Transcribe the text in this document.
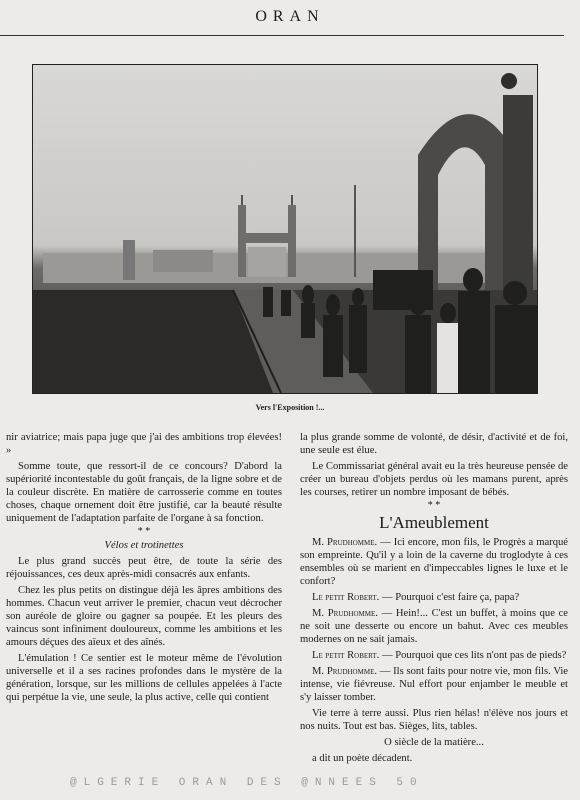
ORAN
Vers l'Exposition !...

nir aviatrice; mais papa juge que j'ai des ambitions trop élevées! »

Somme toute, que ressort-il de ce concours? D'abord la supériorité incontestable du goût français, de la ligne sobre et de la couleur discrète. En matière de carrosserie comme en toutes choses, chaque ornement doit être justifié, car la beauté résulte uniquement de l'adaptation parfaite de l'organe à sa fonction.

* *

Vélos et trotinettes

Le plus grand succès peut être, de toute la série des réjouissances, ces deux après-midi consacrés aux enfants.

Chez les plus petits on distingue déjà les âpres ambitions des hommes. Chacun veut arriver le premier, chacun veut décrocher son auréole de gloire ou gagner sa poupée. Et les pleurs des vaincus sont infiniment douloureux, comme les ambitions et les amours déçues des aïeux et des aînés.

L'émulation ! Ce sentier est le moteur même de l'évolution universelle et il a ses racines profondes dans le mystère de la génération, lorsque, sur les millions de cellules appelées à l'acte qui perpétue la vie, une seule, la plus active, celle qui contient

la plus grande somme de volonté, de désir, d'activité et de foi, une seule est élue.

Le Commissariat général avait eu la très heureuse pensée de créer un bureau d'objets perdus où les mamans purent, après les courses, retirer un nombre imposant de bébés.

* *

L'Ameublement

M. Prudhomme. — Ici encore, mon fils, le Progrès a marqué son empreinte. Qu'il y a loin de la caverne du troglodyte à ces ensembles où se marient en d'impeccables lignes le luxe et le confort?

Le petit Robert. — Pourquoi c'est faire ça, papa?

M. Prudhomme. — Hein!... C'est un buffet, à moins que ce ne soit une desserte ou encore un bahut. Avec ces meubles modernes on ne sait jamais.

Le petit Robert. — Pourquoi que ces lits n'ont pas de pieds?

M. Prudhomme. — Ils sont faits pour notre vie, mon fils. Vie intense, vie fiévreuse. Nul effort pour enjamber le meuble et s'y laisser tomber.

Vie terre à terre aussi. Plus rien hélas! n'élève nos jours et nos nuits. Tout est bas. Sièges, lits, tables.

O siècle de la matière...

a dit un poète décadent.

@LGERIE ORAN DES @NNEES 50
